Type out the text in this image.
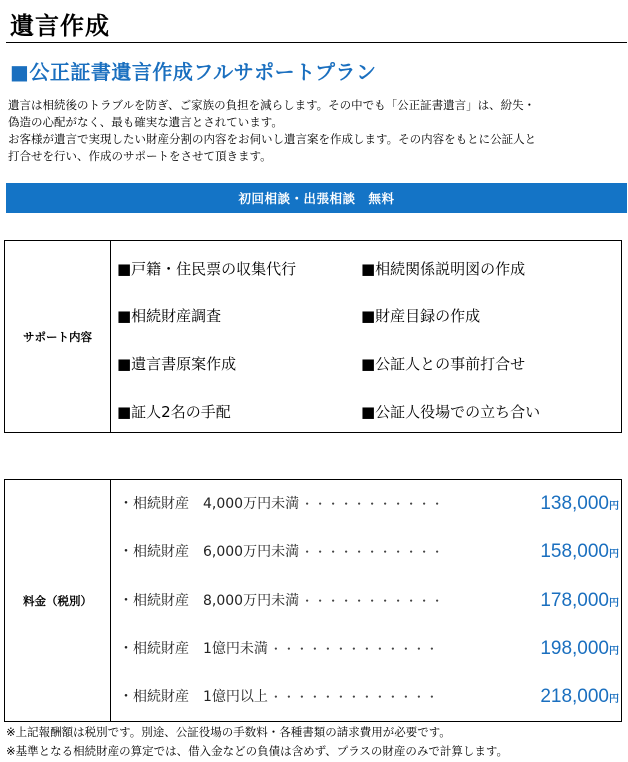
遺言作成
■公正証書遺言作成フルサポートプラン

遺言は相続後のトラブルを防ぎ、ご家族の負担を減らします。その中でも「公正証書遺言」は、紛失・

偽造の心配がなく、最も確実な遺言とされています。

お客様が遺言で実現したい財産分割の内容をお伺いし遺言案を作成します。その内容をもとに公証人と

打合せを行い、作成のサポートをさせて頂きます。

初回相談・出張相談　無料
サポート内容
■戸籍・住民票の収集代行	■相続関係説明図の作成
■相続財産調査	■財産目録の作成
■遺言書原案作成	■公証人との事前打合せ
■証人2名の手配	■公証人役場での立ち合い
料金（税別）
・相続財産　4,000万円未満 ・・・・・・・・・・・	138,000円
・相続財産　6,000万円未満 ・・・・・・・・・・・	158,000円
・相続財産　8,000万円未満 ・・・・・・・・・・・	178,000円
・相続財産　1億円未満 ・・・・・・・・・・・・・	198,000円
・相続財産　1億円以上 ・・・・・・・・・・・・・	218,000円

※上記報酬額は税別です。別途、公証役場の手数料・各種書類の請求費用が必要です。

※基準となる相続財産の算定では、借入金などの負債は含めず、プラスの財産のみで計算します。
